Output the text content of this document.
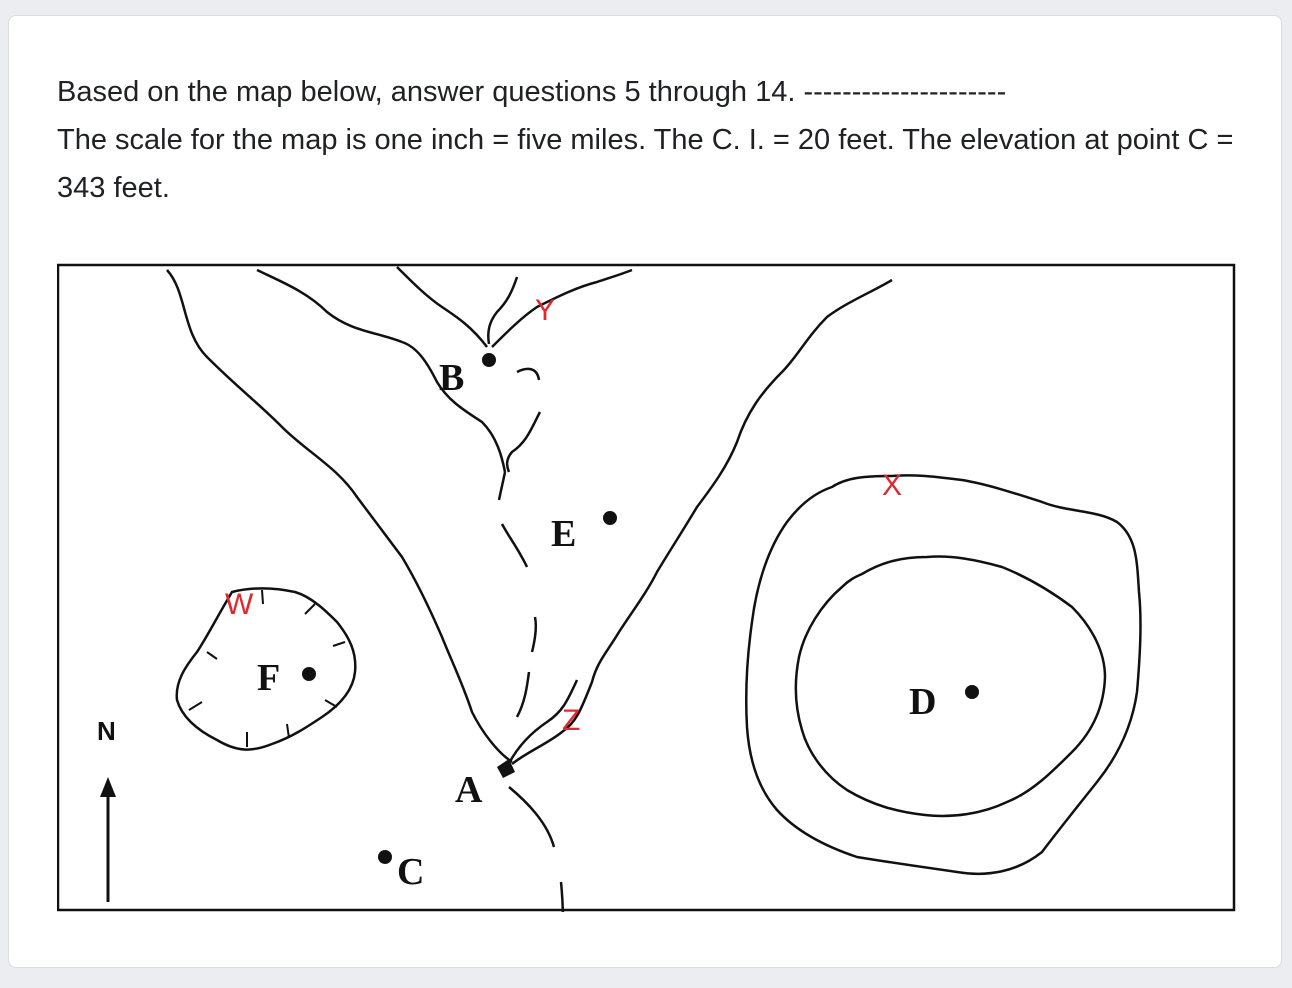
Based on the map below, answer questions 5 through 14. ---------------------

The scale for the map is one inch = five miles. The C. I. = 20 feet. The elevation at point C = 343 feet.

N
B
E
F
D
A
C
W
X
Y
Z
